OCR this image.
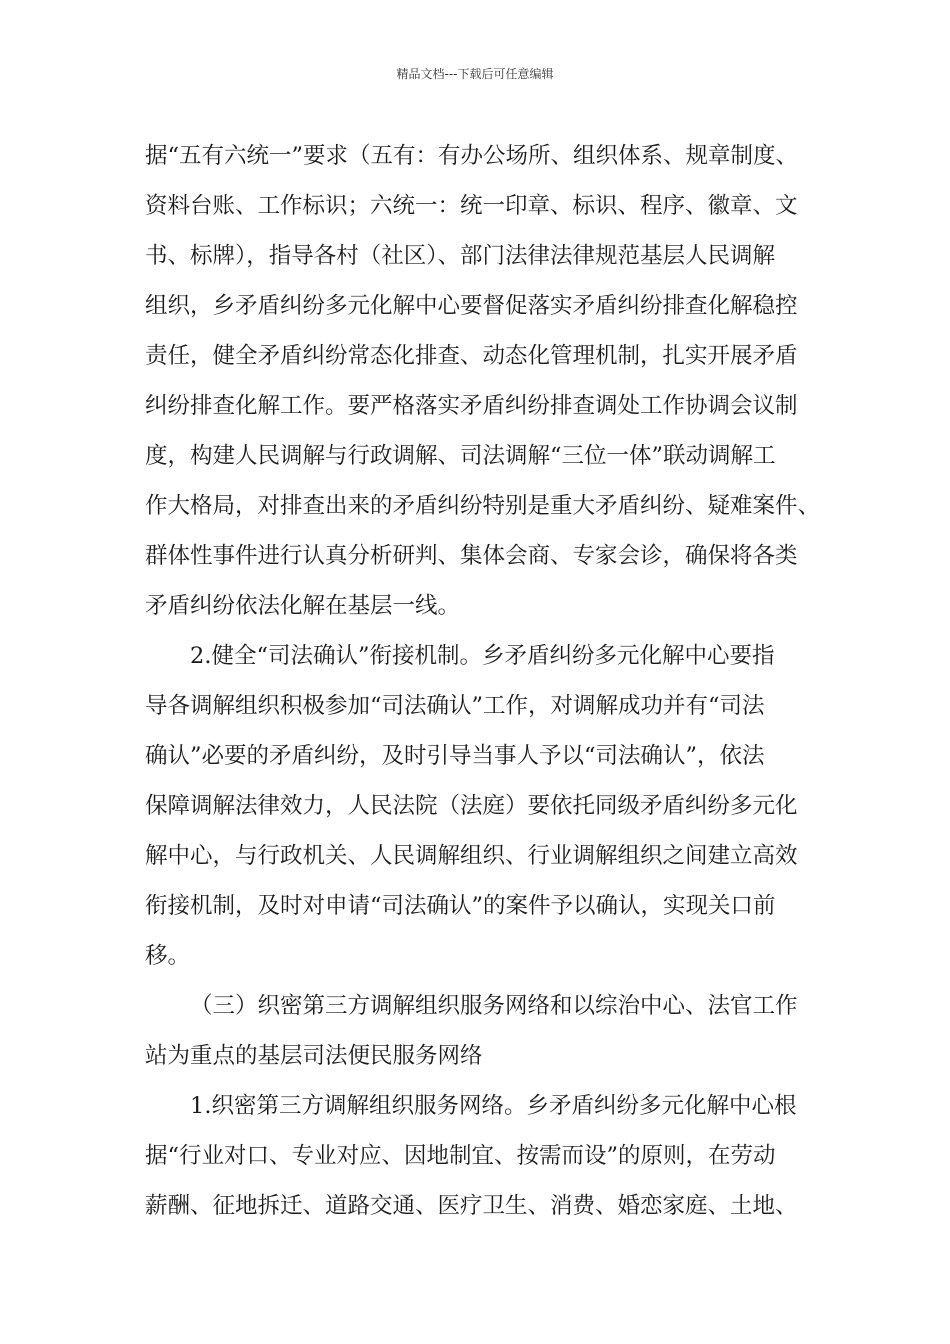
精品文档---下载后可任意编辑
据“五有六统一”要求（五有：有办公场所、组织体系、规章制度、
资料台账、工作标识；六统一：统一印章、标识、程序、徽章、文
书、标牌），指导各村（社区）、部门法律法律规范基层人民调解
组织，乡矛盾纠纷多元化解中心要督促落实矛盾纠纷排查化解稳控
责任，健全矛盾纠纷常态化排查、动态化管理机制，扎实开展矛盾
纠纷排查化解工作。要严格落实矛盾纠纷排查调处工作协调会议制
度，构建人民调解与行政调解、司法调解“三位一体”联动调解工
作大格局，对排查出来的矛盾纠纷特别是重大矛盾纠纷、疑难案件、
群体性事件进行认真分析研判、集体会商、专家会诊，确保将各类
矛盾纠纷依法化解在基层一线。
2.健全“司法确认”衔接机制。乡矛盾纠纷多元化解中心要指
导各调解组织积极参加“司法确认”工作，对调解成功并有“司法
确认”必要的矛盾纠纷，及时引导当事人予以“司法确认”，依法
保障调解法律效力，人民法院（法庭）要依托同级矛盾纠纷多元化
解中心，与行政机关、人民调解组织、行业调解组织之间建立高效
衔接机制，及时对申请“司法确认”的案件予以确认，实现关口前
移。
（三）织密第三方调解组织服务网络和以综治中心、法官工作
站为重点的基层司法便民服务网络
1.织密第三方调解组织服务网络。乡矛盾纠纷多元化解中心根
据“行业对口、专业对应、因地制宜、按需而设”的原则，在劳动
薪酬、征地拆迁、道路交通、医疗卫生、消费、婚恋家庭、土地、
